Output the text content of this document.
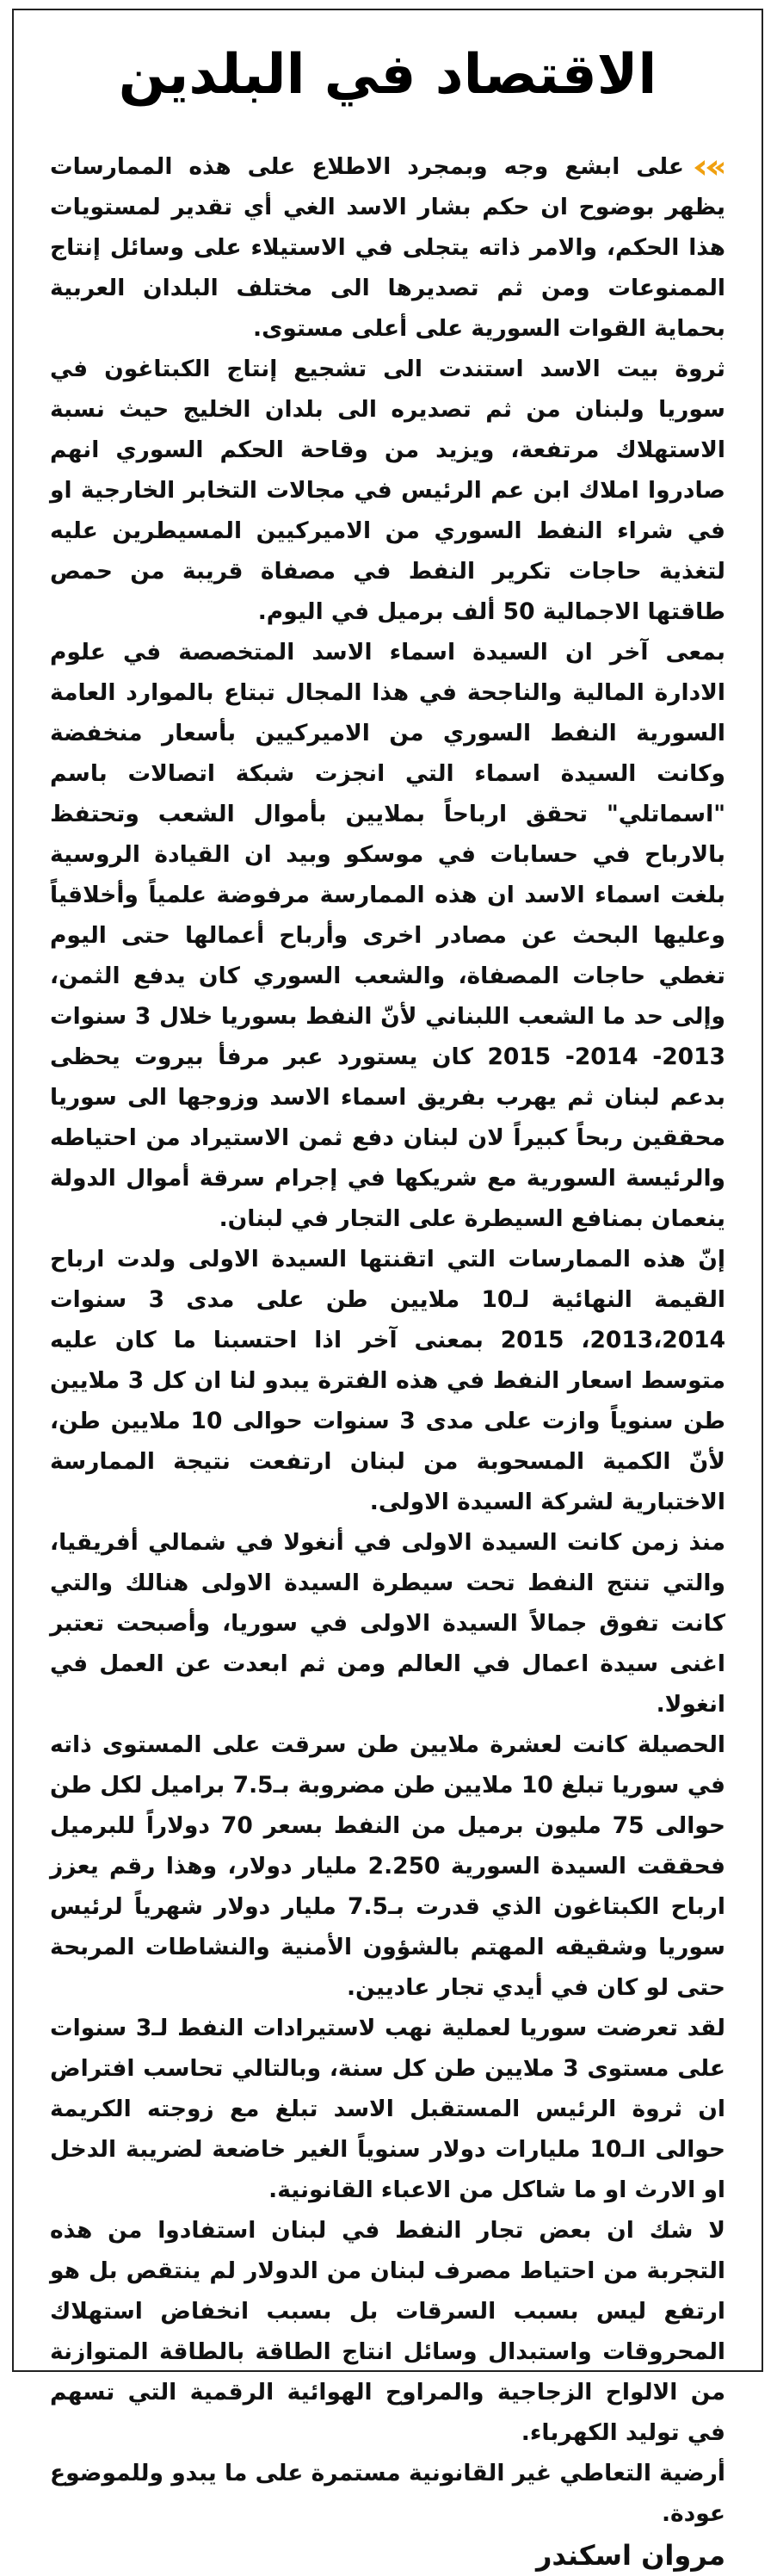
الاقتصاد في البلدين

على ابشع وجه وبمجرد الاطلاع على هذه الممارسات يظهر بوضوح ان حكم بشار الاسد الغي أي تقدير لمستويات هذا الحكم، والامر ذاته يتجلى في الاستيلاء على وسائل إنتاج الممنوعات ومن ثم تصديرها الى مختلف البلدان العربية بحماية القوات السورية على أعلى مستوى.

ثروة بيت الاسد استندت الى تشجيع إنتاج الكبتاغون في سوريا ولبنان من ثم تصديره الى بلدان الخليج حيث نسبة الاستهلاك مرتفعة، ويزيد من وقاحة الحكم السوري انهم صادروا املاك ابن عم الرئيس في مجالات التخابر الخارجية او في شراء النفط السوري من الاميركيين المسيطرين عليه لتغذية حاجات تكرير النفط في مصفاة قريبة من حمص طاقتها الاجمالية 50 ألف برميل في اليوم.

بمعى آخر ان السيدة اسماء الاسد المتخصصة في علوم الادارة المالية والناجحة في هذا المجال تبتاع بالموارد العامة السورية النفط السوري من الاميركيين بأسعار منخفضة وكانت السيدة اسماء التي انجزت شبكة اتصالات باسم "اسماتلي" تحقق ارباحاً بملايين بأموال الشعب وتحتفظ بالارباح في حسابات في موسكو وبيد ان القيادة الروسية بلغت اسماء الاسد ان هذه الممارسة مرفوضة علمياً وأخلاقياً وعليها البحث عن مصادر اخرى وأرباح أعمالها حتى اليوم تغطي حاجات المصفاة، والشعب السوري كان يدفع الثمن، وإلى حد ما الشعب اللبناني لأنّ النفط بسوريا خلال 3 سنوات 2013- 2014- 2015 كان يستورد عبر مرفأ بيروت يحظى بدعم لبنان ثم يهرب بفريق اسماء الاسد وزوجها الى سوريا محققين ربحاً كبيراً لان لبنان دفع ثمن الاستيراد من احتياطه والرئيسة السورية مع شريكها في إجرام سرقة أموال الدولة ينعمان بمنافع السيطرة على التجار في لبنان.

إنّ هذه الممارسات التي اتقنتها السيدة الاولى ولدت ارباح القيمة النهائية لـ10 ملايين طن على مدى 3 سنوات 2013،2014، 2015 بمعنى آخر اذا احتسبنا ما كان عليه متوسط اسعار النفط في هذه الفترة يبدو لنا ان كل 3 ملايين طن سنوياً وازت على مدى 3 سنوات حوالى 10 ملايين طن، لأنّ الكمية المسحوبة من لبنان ارتفعت نتيجة الممارسة الاختبارية لشركة السيدة الاولى.

منذ زمن كانت السيدة الاولى في أنغولا في شمالي أفريقيا، والتي تنتج النفط تحت سيطرة السيدة الاولى هنالك والتي كانت تفوق جمالاً السيدة الاولى في سوريا، وأصبحت تعتبر اغنى سيدة اعمال في العالم ومن ثم ابعدت عن العمل في انغولا.

الحصيلة كانت لعشرة ملايين طن سرقت على المستوى ذاته في سوريا تبلغ 10 ملايين طن مضروبة بـ7.5 براميل لكل طن حوالى 75 مليون برميل من النفط بسعر 70 دولاراً للبرميل فحققت السيدة السورية 2.250 مليار دولار، وهذا رقم يعزز ارباح الكبتاغون الذي قدرت بـ7.5 مليار دولار شهرياً لرئيس سوريا وشقيقه المهتم بالشؤون الأمنية والنشاطات المربحة حتى لو كان في أيدي تجار عاديين.

لقد تعرضت سوريا لعملية نهب لاستيرادات النفط لـ3 سنوات على مستوى 3 ملايين طن كل سنة، وبالتالي تحاسب افتراض ان ثروة الرئيس المستقبل الاسد تبلغ مع زوجته الكريمة حوالى الـ10 مليارات دولار سنوياً الغير خاضعة لضريبة الدخل او الارث او ما شاكل من الاعباء القانونية.

لا شك ان بعض تجار النفط في لبنان استفادوا من هذه التجربة من احتياط مصرف لبنان من الدولار لم ينتقص بل هو ارتفع ليس بسبب السرقات بل بسبب انخفاض استهلاك المحروقات واستبدال وسائل انتاج الطاقة بالطاقة المتوازنة من الالواح الزجاجية والمراوح الهوائية الرقمية التي تسهم في توليد الكهرباء.

أرضية التعاطي غير القانونية مستمرة على ما يبدو وللموضوع عودة.

مروان اسكندر
